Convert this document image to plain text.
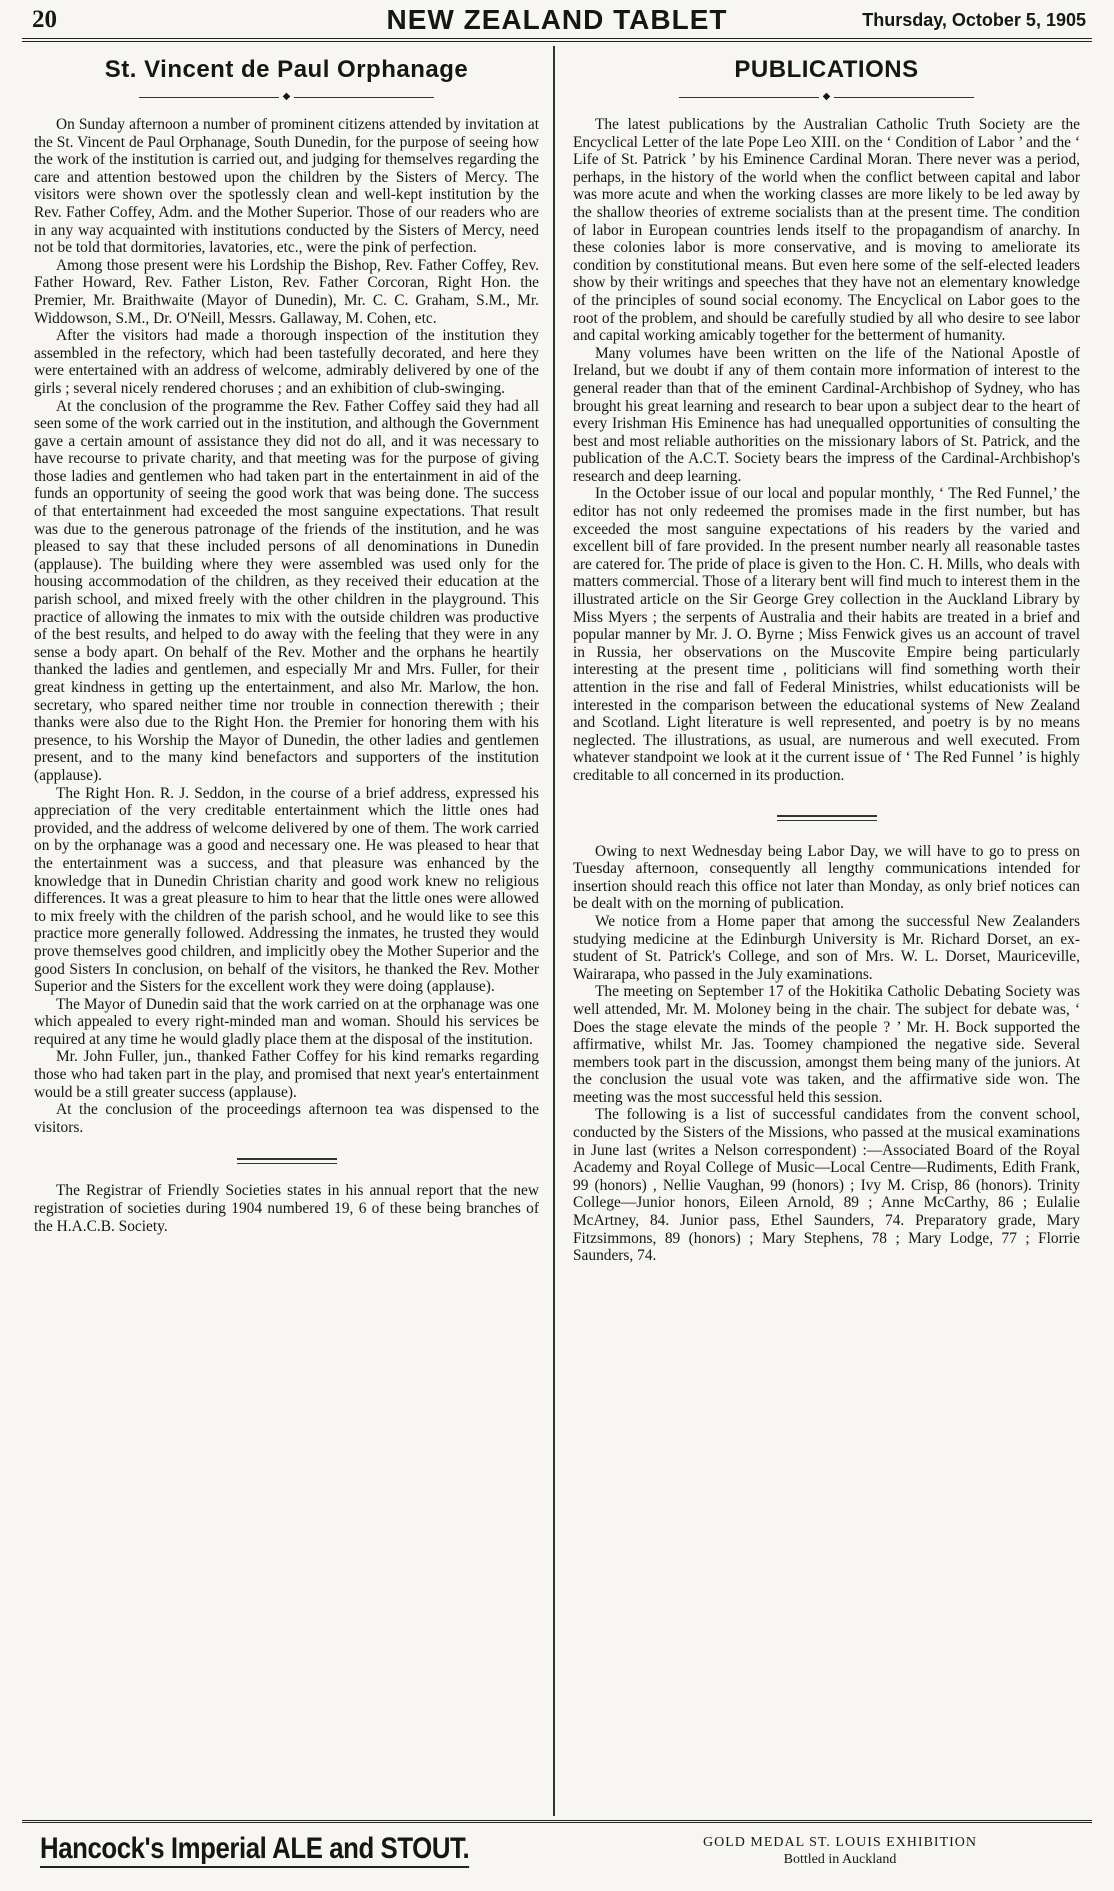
20	NEW ZEALAND TABLET	Thursday, October 5, 1905
St. Vincent de Paul Orphanage
◆

On Sunday afternoon a number of prominent citizens attended by invitation at the St. Vincent de Paul Orphanage, South Dunedin, for the purpose of seeing how the work of the institution is carried out, and judging for themselves regarding the care and attention bestowed upon the children by the Sisters of Mercy. The visitors were shown over the spotlessly clean and well-kept institution by the Rev. Father Coffey, Adm. and the Mother Superior. Those of our readers who are in any way acquainted with institutions conducted by the Sisters of Mercy, need not be told that dormitories, lavatories, etc., were the pink of perfection.

Among those present were his Lordship the Bishop, Rev. Father Coffey, Rev. Father Howard, Rev. Father Liston, Rev. Father Corcoran, Right Hon. the Premier, Mr. Braithwaite (Mayor of Dunedin), Mr. C. C. Graham, S.M., Mr. Widdowson, S.M., Dr. O'Neill, Messrs. Gallaway, M. Cohen, etc.

After the visitors had made a thorough inspection of the institution they assembled in the refectory, which had been tastefully decorated, and here they were entertained with an address of welcome, admirably delivered by one of the girls ; several nicely rendered choruses ; and an exhibition of club-swinging.

At the conclusion of the programme the Rev. Father Coffey said they had all seen some of the work carried out in the institution, and although the Government gave a certain amount of assistance they did not do all, and it was necessary to have recourse to private charity, and that meeting was for the purpose of giving those ladies and gentlemen who had taken part in the entertainment in aid of the funds an opportunity of seeing the good work that was being done. The success of that entertainment had exceeded the most sanguine expectations. That result was due to the generous patronage of the friends of the institution, and he was pleased to say that these included persons of all denominations in Dunedin (applause). The building where they were assembled was used only for the housing accommodation of the children, as they received their education at the parish school, and mixed freely with the other children in the playground. This practice of allowing the inmates to mix with the outside children was productive of the best results, and helped to do away with the feeling that they were in any sense a body apart. On behalf of the Rev. Mother and the orphans he heartily thanked the ladies and gentlemen, and especially Mr and Mrs. Fuller, for their great kindness in getting up the entertainment, and also Mr. Marlow, the hon. secretary, who spared neither time nor trouble in connection therewith ; their thanks were also due to the Right Hon. the Premier for honoring them with his presence, to his Worship the Mayor of Dunedin, the other ladies and gentlemen present, and to the many kind benefactors and supporters of the institution (applause).

The Right Hon. R. J. Seddon, in the course of a brief address, expressed his appreciation of the very creditable entertainment which the little ones had provided, and the address of welcome delivered by one of them. The work carried on by the orphanage was a good and necessary one. He was pleased to hear that the entertainment was a success, and that pleasure was enhanced by the knowledge that in Dunedin Christian charity and good work knew no religious differences. It was a great pleasure to him to hear that the little ones were allowed to mix freely with the children of the parish school, and he would like to see this practice more generally followed. Addressing the inmates, he trusted they would prove themselves good children, and implicitly obey the Mother Superior and the good Sisters In conclusion, on behalf of the visitors, he thanked the Rev. Mother Superior and the Sisters for the excellent work they were doing (applause).

The Mayor of Dunedin said that the work carried on at the orphanage was one which appealed to every right-minded man and woman. Should his services be required at any time he would gladly place them at the disposal of the institution.

Mr. John Fuller, jun., thanked Father Coffey for his kind remarks regarding those who had taken part in the play, and promised that next year's entertainment would be a still greater success (applause).

At the conclusion of the proceedings afternoon tea was dispensed to the visitors.

The Registrar of Friendly Societies states in his annual report that the new registration of societies during 1904 numbered 19, 6 of these being branches of the H.A.C.B. Society.

PUBLICATIONS
◆

The latest publications by the Australian Catholic Truth Society are the Encyclical Letter of the late Pope Leo XIII. on the ‘ Condition of Labor ’ and the ‘ Life of St. Patrick ’ by his Eminence Cardinal Moran. There never was a period, perhaps, in the history of the world when the conflict between capital and labor was more acute and when the working classes are more likely to be led away by the shallow theories of extreme socialists than at the present time. The condition of labor in European countries lends itself to the propagandism of anarchy. In these colonies labor is more conservative, and is moving to ameliorate its condition by constitutional means. But even here some of the self-elected leaders show by their writings and speeches that they have not an elementary knowledge of the principles of sound social economy. The Encyclical on Labor goes to the root of the problem, and should be carefully studied by all who desire to see labor and capital working amicably together for the betterment of humanity.

Many volumes have been written on the life of the National Apostle of Ireland, but we doubt if any of them contain more information of interest to the general reader than that of the eminent Cardinal-Archbishop of Sydney, who has brought his great learning and research to bear upon a subject dear to the heart of every Irishman His Eminence has had unequalled opportunities of consulting the best and most reliable authorities on the missionary labors of St. Patrick, and the publication of the A.C.T. Society bears the impress of the Cardinal-Archbishop's research and deep learning.

In the October issue of our local and popular monthly, ‘ The Red Funnel,’ the editor has not only redeemed the promises made in the first number, but has exceeded the most sanguine expectations of his readers by the varied and excellent bill of fare provided. In the present number nearly all reasonable tastes are catered for. The pride of place is given to the Hon. C. H. Mills, who deals with matters commercial. Those of a literary bent will find much to interest them in the illustrated article on the Sir George Grey collection in the Auckland Library by Miss Myers ; the serpents of Australia and their habits are treated in a brief and popular manner by Mr. J. O. Byrne ; Miss Fenwick gives us an account of travel in Russia, her observations on the Muscovite Empire being particularly interesting at the present time , politicians will find something worth their attention in the rise and fall of Federal Ministries, whilst educationists will be interested in the comparison between the educational systems of New Zealand and Scotland. Light literature is well represented, and poetry is by no means neglected. The illustrations, as usual, are numerous and well executed. From whatever standpoint we look at it the current issue of ‘ The Red Funnel ’ is highly creditable to all concerned in its production.

Owing to next Wednesday being Labor Day, we will have to go to press on Tuesday afternoon, consequently all lengthy communications intended for insertion should reach this office not later than Monday, as only brief notices can be dealt with on the morning of publication.

We notice from a Home paper that among the successful New Zealanders studying medicine at the Edinburgh University is Mr. Richard Dorset, an ex-student of St. Patrick's College, and son of Mrs. W. L. Dorset, Mauriceville, Wairarapa, who passed in the July examinations.

The meeting on September 17 of the Hokitika Catholic Debating Society was well attended, Mr. M. Moloney being in the chair. The subject for debate was, ‘ Does the stage elevate the minds of the people ? ’ Mr. H. Bock supported the affirmative, whilst Mr. Jas. Toomey championed the negative side. Several members took part in the discussion, amongst them being many of the juniors. At the conclusion the usual vote was taken, and the affirmative side won. The meeting was the most successful held this session.

The following is a list of successful candidates from the convent school, conducted by the Sisters of the Missions, who passed at the musical examinations in June last (writes a Nelson correspondent) :—Associated Board of the Royal Academy and Royal College of Music—Local Centre—Rudiments, Edith Frank, 99 (honors) , Nellie Vaughan, 99 (honors) ; Ivy M. Crisp, 86 (honors). Trinity College—Junior honors, Eileen Arnold, 89 ; Anne McCarthy, 86 ; Eulalie McArtney, 84. Junior pass, Ethel Saunders, 74. Preparatory grade, Mary Fitzsimmons, 89 (honors) ; Mary Stephens, 78 ; Mary Lodge, 77 ; Florrie Saunders, 74.

Hancock's Imperial ALE and STOUT.	GOLD MEDAL ST. LOUIS EXHIBITION
Bottled in Auckland
